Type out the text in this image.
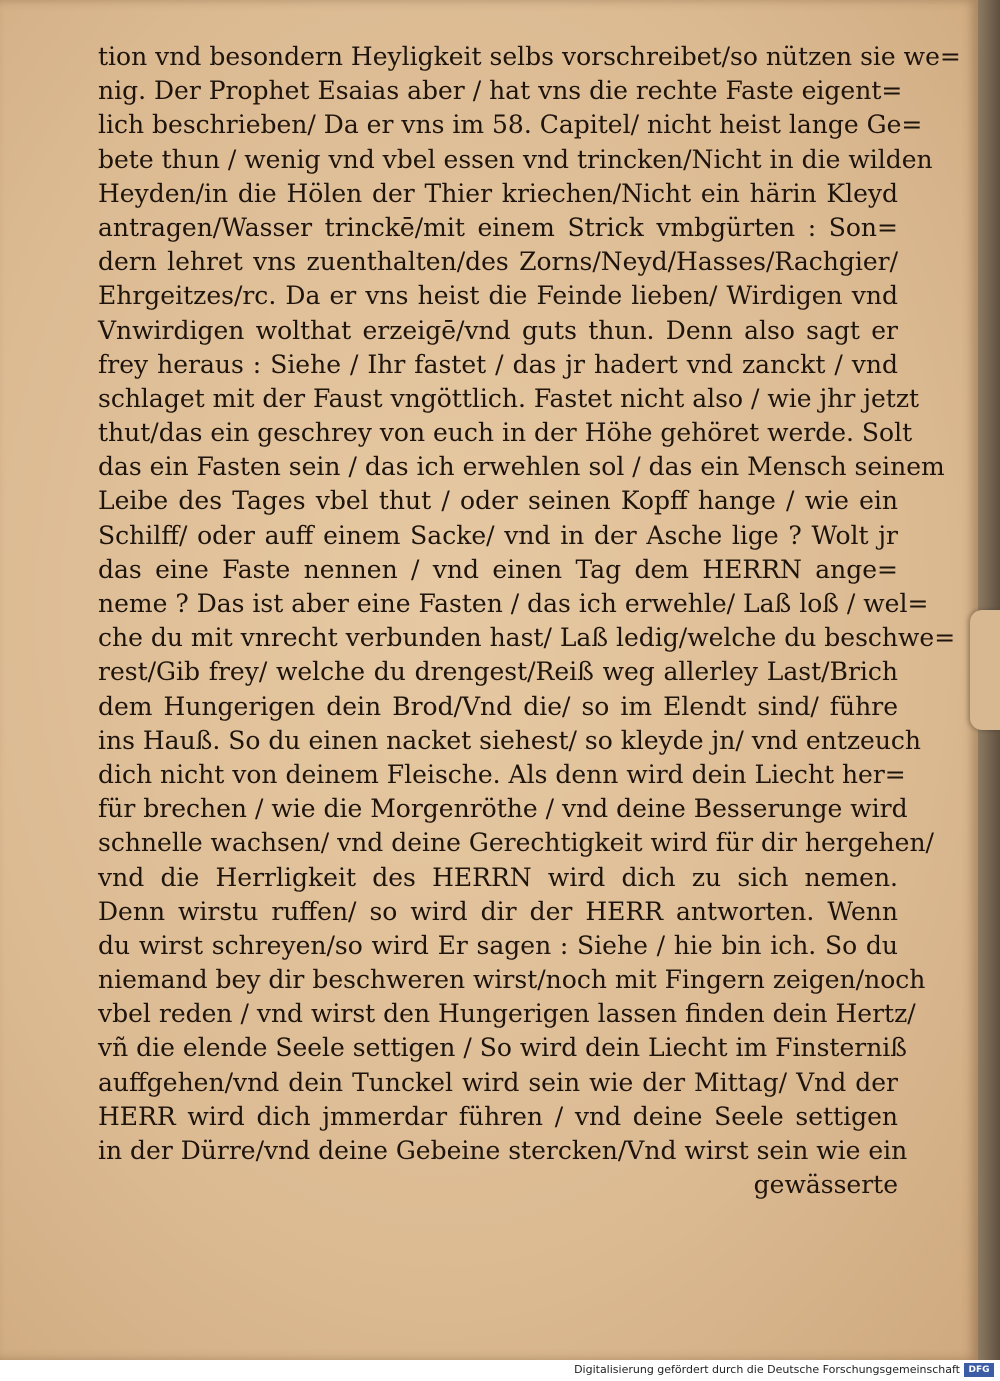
tion vnd besondern Heyligkeit selbs vorschreibet/so nützen sie we=
nig. Der Prophet Esaias aber / hat vns die rechte Faste eigent=
lich beschrieben/ Da er vns im 58. Capitel/ nicht heist lange Ge=
bete thun / wenig vnd vbel essen vnd trincken/Nicht in die wilden
Heyden/in die Hölen der Thier kriechen/Nicht ein härin Kleyd
antragen/Wasser trinckē/mit einem Strick vmbgürten : Son=
dern lehret vns zuenthalten/des Zorns/Neyd/Hasses/Rachgier/
Ehrgeitzes/rc. Da er vns heist die Feinde lieben/ Wirdigen vnd
Vnwirdigen wolthat erzeigē/vnd guts thun. Denn also sagt er
frey heraus : Siehe / Ihr fastet / das jr hadert vnd zanckt / vnd
schlaget mit der Faust vngöttlich. Fastet nicht also / wie jhr jetzt
thut/das ein geschrey von euch in der Höhe gehöret werde. Solt
das ein Fasten sein / das ich erwehlen sol / das ein Mensch seinem
Leibe des Tages vbel thut / oder seinen Kopff hange / wie ein
Schilff/ oder auff einem Sacke/ vnd in der Asche lige ? Wolt jr
das eine Faste nennen / vnd einen Tag dem HERRN ange=
neme ? Das ist aber eine Fasten / das ich erwehle/ Laß loß / wel=
che du mit vnrecht verbunden hast/ Laß ledig/welche du beschwe=
rest/Gib frey/ welche du drengest/Reiß weg allerley Last/Brich
dem Hungerigen dein Brod/Vnd die/ so im Elendt sind/ führe
ins Hauß. So du einen nacket siehest/ so kleyde jn/ vnd entzeuch
dich nicht von deinem Fleische. Als denn wird dein Liecht her=
für brechen / wie die Morgenröthe / vnd deine Besserunge wird
schnelle wachsen/ vnd deine Gerechtigkeit wird für dir hergehen/
vnd die Herrligkeit des HERRN wird dich zu sich nemen.
Denn wirstu ruffen/ so wird dir der HERR antworten. Wenn
du wirst schreyen/so wird Er sagen : Siehe / hie bin ich. So du
niemand bey dir beschweren wirst/noch mit Fingern zeigen/noch
vbel reden / vnd wirst den Hungerigen lassen finden dein Hertz/
vñ die elende Seele settigen / So wird dein Liecht im Finsterniß
auffgehen/vnd dein Tunckel wird sein wie der Mittag/ Vnd der
HERR wird dich jmmerdar führen / vnd deine Seele settigen
in der Dürre/vnd deine Gebeine stercken/Vnd wirst sein wie ein
gewässerte
Digitalisierung gefördert durch die Deutsche Forschungsgemeinschaft DFG
